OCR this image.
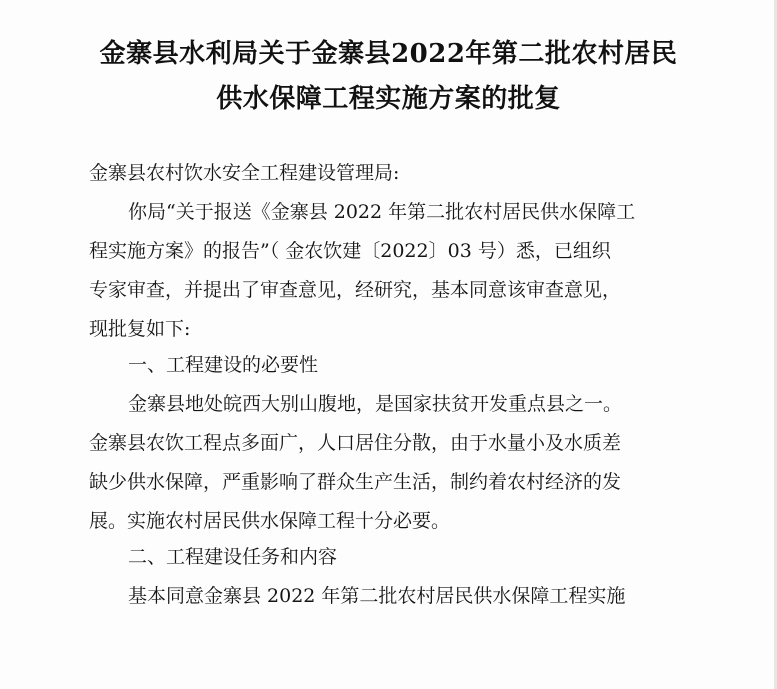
金寨县水利局关于金寨县2022年第二批农村居民
供水保障工程实施方案的批复
金寨县农村饮水安全工程建设管理局:
你局“关于报送《金寨县 2022 年第二批农村居民供水保障工
程实施方案》的报告”（ 金农饮建〔2022〕03 号）悉，已组织
专家审查，并提出了审查意见，经研究，基本同意该审查意见，
现批复如下:
一、工程建设的必要性
金寨县地处皖西大别山腹地，是国家扶贫开发重点县之一。
金寨县农饮工程点多面广，人口居住分散，由于水量小及水质差
缺少供水保障，严重影响了群众生产生活，制约着农村经济的发
展。实施农村居民供水保障工程十分必要。
二、工程建设任务和内容
基本同意金寨县 2022 年第二批农村居民供水保障工程实施
